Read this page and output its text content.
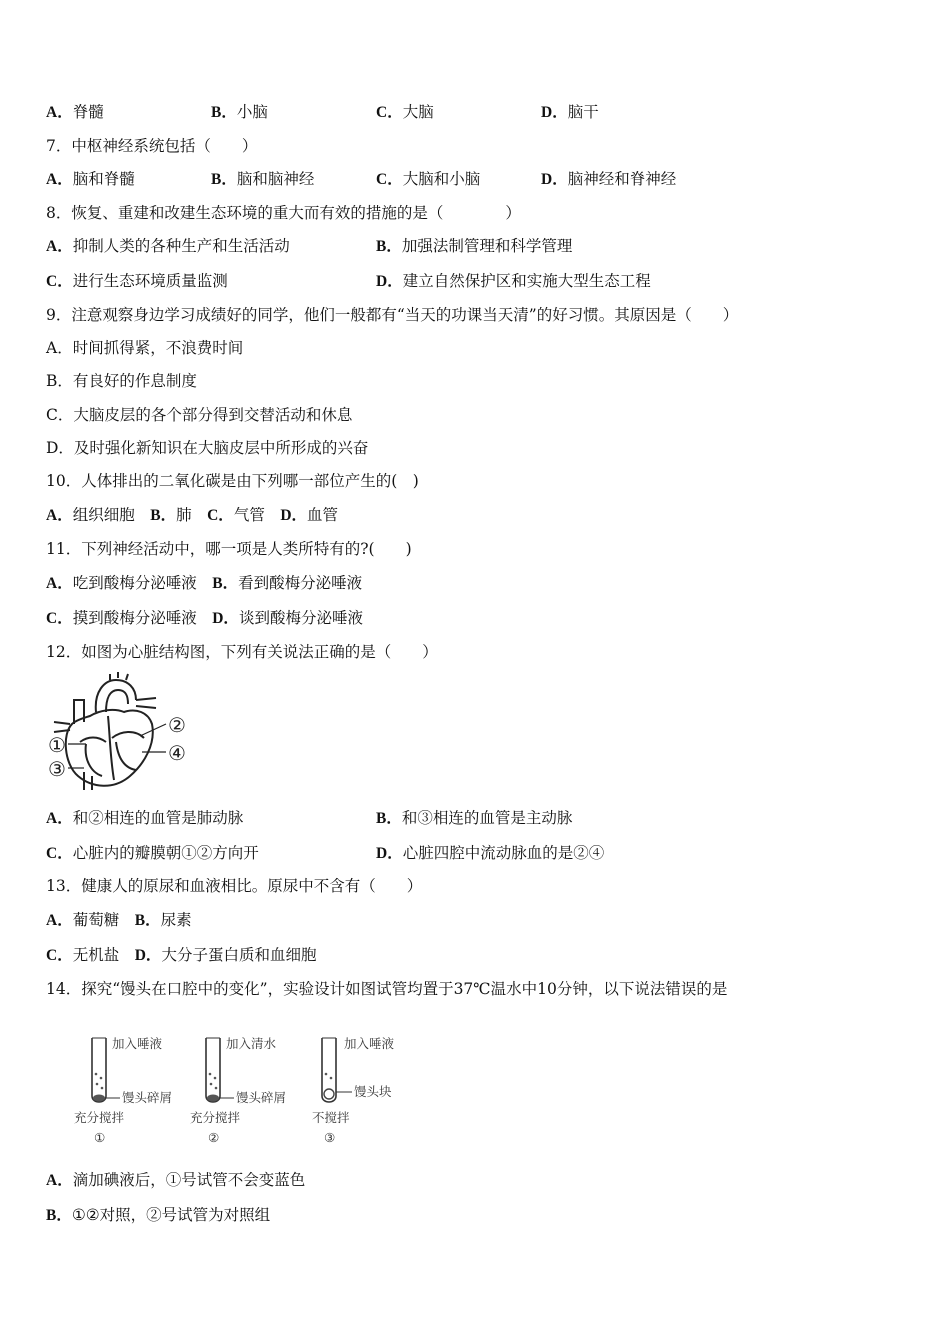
A．脊髓	B．小脑	C．大脑	D．脑干
7．中枢神经系统包括（　　）
A．脑和脊髓	B．脑和脑神经	C．大脑和小脑	D．脑神经和脊神经
8．恢复、重建和改建生态环境的重大而有效的措施的是（　　　　）
A．抑制人类的各种生产和生活活动	B．加强法制管理和科学管理
C．进行生态环境质量监测	D．建立自然保护区和实施大型生态工程
9．注意观察身边学习成绩好的同学，他们一般都有“当天的功课当天清”的好习惯。其原因是（　　）
A．时间抓得紧，不浪费时间
B．有良好的作息制度
C．大脑皮层的各个部分得到交替活动和休息
D．及时强化新知识在大脑皮层中所形成的兴奋
10．人体排出的二氧化碳是由下列哪一部位产生的(　)
A．组织细胞　 B．肺　 C．气管　 D．血管
11．下列神经活动中，哪一项是人类所特有的?(　　)
A．吃到酸梅分泌唾液　 B．看到酸梅分泌唾液
C．摸到酸梅分泌唾液　 D．谈到酸梅分泌唾液
12．如图为心脏结构图，下列有关说法正确的是（　　）
①
②
③
④
A．和②相连的血管是肺动脉	B．和③相连的血管是主动脉
C．心脏内的瓣膜朝①②方向开	D．心脏四腔中流动脉血的是②④
13．健康人的原尿和血液相比。原尿中不含有（　　）
A．葡萄糖　 B．尿素
C．无机盐　 D．大分子蛋白质和血细胞
14．探究“馒头在口腔中的变化”，实验设计如图试管均置于37℃温水中10分钟，以下说法错误的是
加入唾液
馒头碎屑
充分搅拌
①
加入清水
馒头碎屑
充分搅拌
②
加入唾液
馒头块
不搅拌
③
A．滴加碘液后，①号试管不会变蓝色
B．①②对照，②号试管为对照组
